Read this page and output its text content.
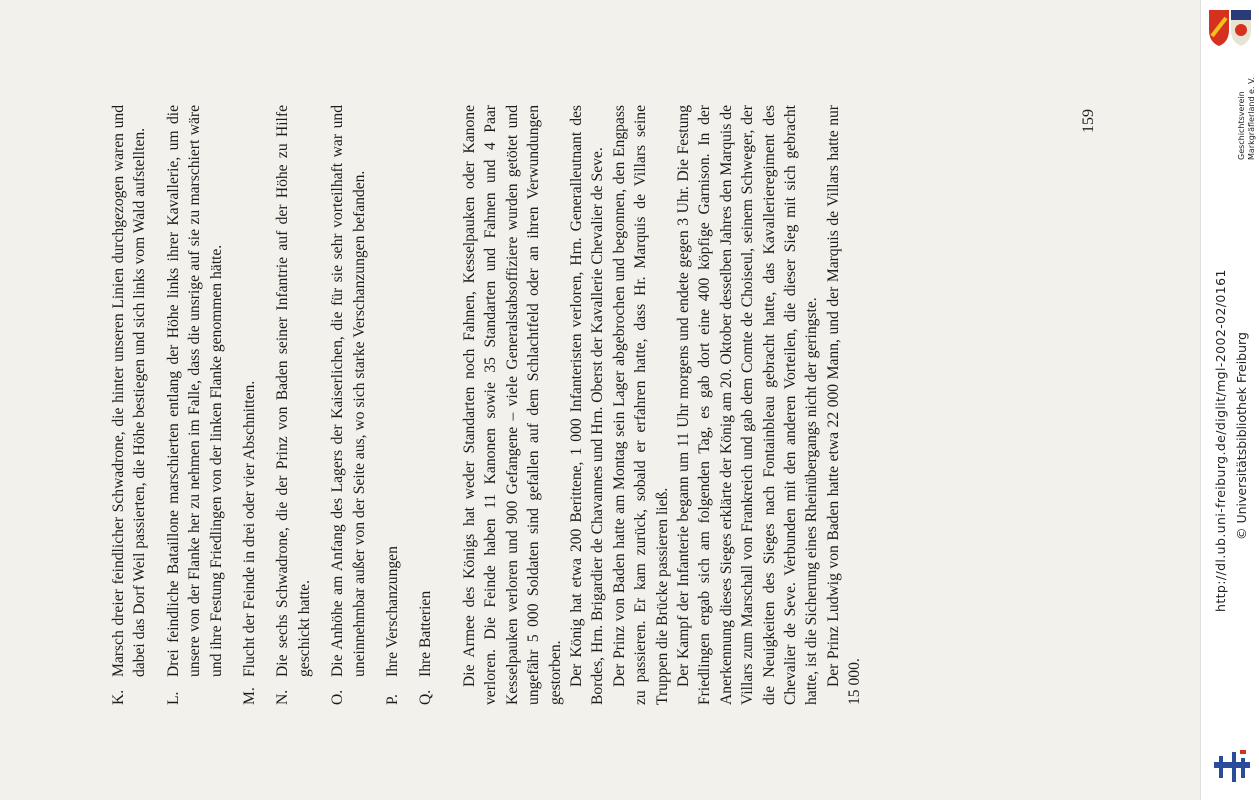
K.
Marsch dreier feindlicher Schwadrone, die hinter unseren Linien durchgezogen waren und dabei das Dorf Weil passierten, die Höhe bestiegen und sich links vom Wald aufstellten.
L.
Drei feindliche Bataillone marschierten entlang der Höhe links ihrer Kavallerie, um die unsere von der Flanke her zu nehmen im Falle, dass die unsrige auf sie zu marschiert wäre und ihre Festung Friedlingen von der linken Flanke genommen hätte.
M.
Flucht der Feinde in drei oder vier Abschnitten.
N.
Die sechs Schwadrone, die der Prinz von Baden seiner Infantrie auf der Höhe zu Hilfe geschickt hatte.
O.
Die Anhöhe am Anfang des Lagers der Kaiserlichen, die für sie sehr vorteilhaft war und uneinnehmbar außer von der Seite aus, wo sich starke Verschanzungen befanden.
P.
Ihre Verschanzungen
Q.
Ihre Batterien Die Armee des Königs hat weder Standarten noch Fahnen, Kesselpauken oder Kanone verloren. Die Feinde haben 11 Kanonen sowie 35 Standarten und Fahnen und 4 Paar Kesselpauken verloren und 900 Gefangene – viele Generalstabsoffiziere wurden getötet und ungefähr 5 000 Soldaten sind gefallen auf dem Schlachtfeld oder an ihren Verwundungen gestorben. Der König hat etwa 200 Berittene, 1 000 Infanteristen verloren, Hrn. Generalleutnant des Bordes, Hrn. Brigardier de Chavannes und Hrn. Oberst der Kavallerie Chevalier de Seve. Der Prinz von Baden hatte am Montag sein Lager abgebrochen und begonnen, den Engpass zu passieren. Er kam zurück, sobald er erfahren hatte, dass Hr. Marquis de Villars seine Truppen die Brücke passieren ließ. Der Kampf der Infanterie begann um 11 Uhr morgens und endete gegen 3 Uhr. Die Festung Friedlingen ergab sich am folgenden Tag, es gab dort eine 400 köpfige Garnison. In der Anerkennung dieses Sieges erklärte der König am 20. Oktober desselben Jahres den Marquis de Villars zum Marschall von Frankreich und gab dem Comte de Choiseul, seinem Schweger, der die Neuigkeiten des Sieges nach Fontainbleau gebracht hatte, das Kavallerieregiment des Chevalier de Seve. Verbunden mit den anderen Vorteilen, die dieser Sieg mit sich gebracht hatte, ist die Sicherung eines Rheinübergangs nicht der geringste. Der Prinz Ludwig von Baden hatte etwa 22 000 Mann, und der Marquis de Villars hatte nur 15 000.

159	Geschichtsverein Markgräflerland e. V.
http://dl.ub.uni-freiburg.de/diglit/mgl-2002-02/0161 © Universitätsbibliothek Freiburg
